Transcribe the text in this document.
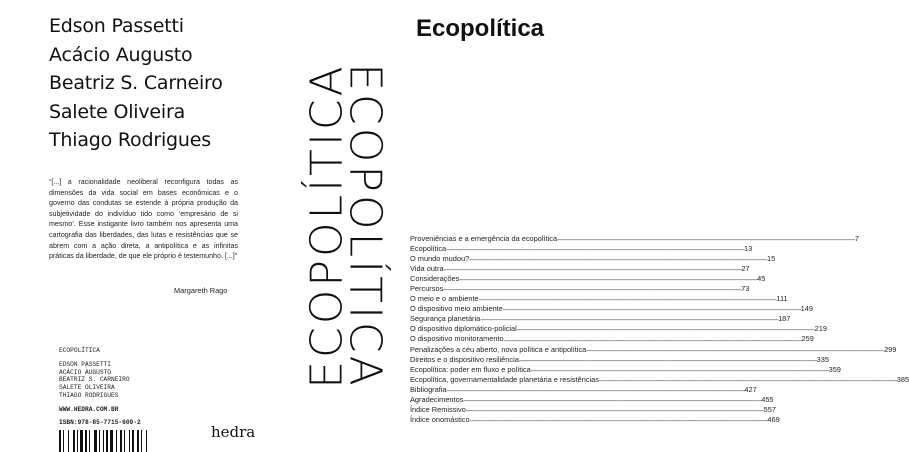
Edson Passetti
Acácio Augusto
Beatriz S. Carneiro
Salete Oliveira
Thiago Rodrigues

“[...] a racionalidade neoliberal reconfigura todas as dimensões da vida social em bases econômicas e o governo das condutas se estende à própria produção da subjetividade do indivíduo tido como ‘empresário de si mesmo’. Esse instigante livro também nos apresenta uma cartografia das liberdades, das lutas e resistências que se abrem com a ação direta, a antipolítica e as infinitas práticas da liberdade, de que ele próprio é testemunho. [...]”

Margareth Rago
ECOPOLÍTICA
EDSON PASSETTI
ACÁCIO AUGUSTO
BEATRIZ S. CARNEIRO
SALETE OLIVEIRA
THIAGO RODRIGUES
WWW.HEDRA.COM.BR
ISBN:978-85-7715-609-2
hedra
ECOPOLÍTICA
ECOPOLÍTICA
Ecopolítica
Proveniências e a emergência da ecopolítica ---------------------------------------------------------------------------------------------------------------------------------------------------------------- 7
Ecopolítica ---------------------------------------------------------------------------------------------------------------------------------------------------------------- 13
O mundo mudou? ---------------------------------------------------------------------------------------------------------------------------------------------------------------- 15
Vida outra ---------------------------------------------------------------------------------------------------------------------------------------------------------------- 27
Considerações ---------------------------------------------------------------------------------------------------------------------------------------------------------------- 45
Percursos ---------------------------------------------------------------------------------------------------------------------------------------------------------------- 73
O meio e o ambiente ---------------------------------------------------------------------------------------------------------------------------------------------------------------- 111
O dispositivo meio ambiente ---------------------------------------------------------------------------------------------------------------------------------------------------------------- 149
Segurança planetária ---------------------------------------------------------------------------------------------------------------------------------------------------------------- 187
O dispositivo diplomático-policial ---------------------------------------------------------------------------------------------------------------------------------------------------------------- 219
O dispositivo monitoramento ---------------------------------------------------------------------------------------------------------------------------------------------------------------- 259
Penalizações a céu aberto, nova política e antipolítica ---------------------------------------------------------------------------------------------------------------------------------------------------------------- 299
Direitos e o dispositivo resiliência ---------------------------------------------------------------------------------------------------------------------------------------------------------------- 335
Ecopolítica: poder em fluxo e política ---------------------------------------------------------------------------------------------------------------------------------------------------------------- 359
Ecopolítica, governamentalidade planetária e resistências ---------------------------------------------------------------------------------------------------------------------------------------------------------------- 385
Bibliografia ---------------------------------------------------------------------------------------------------------------------------------------------------------------- 427
Agradecimentos ---------------------------------------------------------------------------------------------------------------------------------------------------------------- 455
Índice Remissivo ---------------------------------------------------------------------------------------------------------------------------------------------------------------- 557
Índice onomástico ---------------------------------------------------------------------------------------------------------------------------------------------------------------- 469
